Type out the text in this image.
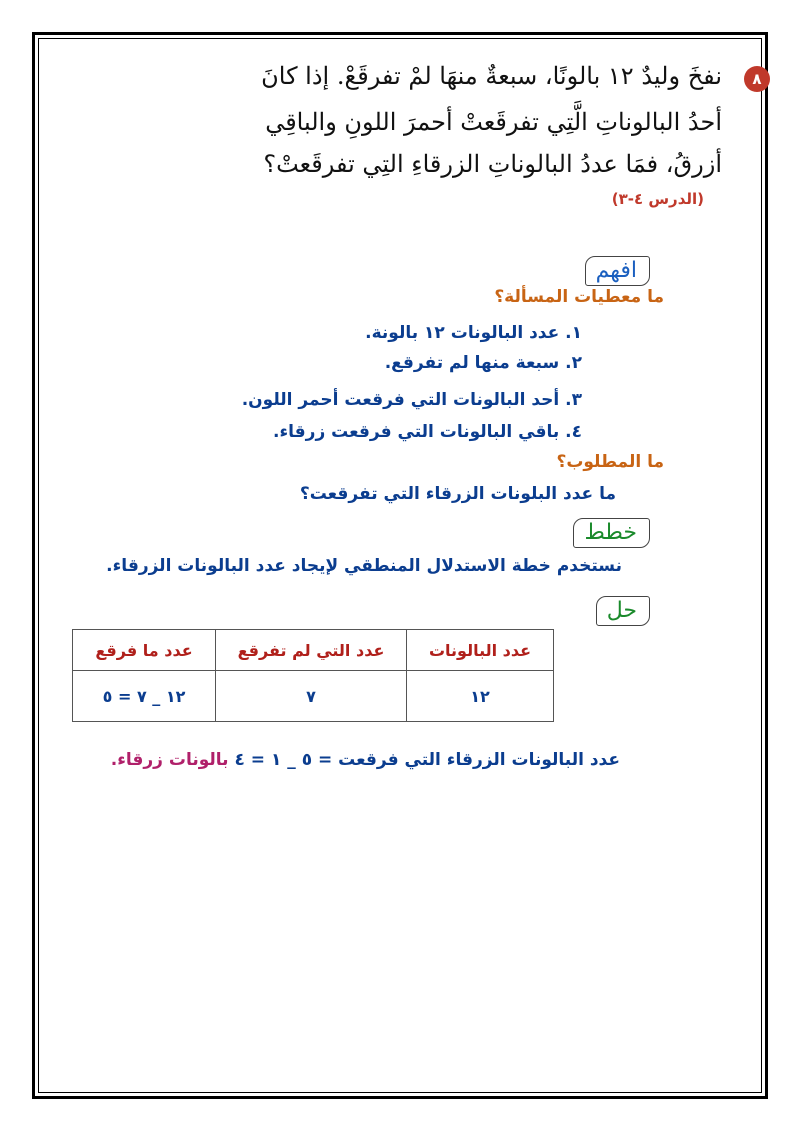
٨
نفخَ وليدٌ ١٢ بالونًا، سبعةٌ منهَا لمْ تفرقَعْ. إذا كانَ
أحدُ البالوناتِ الَّتِي تفرقَعتْ أحمرَ اللونِ والباقِي
أزرقُ، فمَا عددُ البالوناتِ الزرقاءِ التِي تفرقَعتْ؟
(الدرس ٤-٣)
افهم
ما معطيات المسألة؟
١. عدد البالونات ١٢ بالونة.
٢. سبعة منها لم تفرقع.
٣. أحد البالونات التي فرقعت أحمر اللون.
٤. باقي البالونات التي فرقعت زرقاء.
ما المطلوب؟
ما عدد البلونات الزرقاء التي تفرقعت؟
خطط
نستخدم خطة الاستدلال المنطقي لإيجاد عدد البالونات الزرقاء.
حل
عدد ما فرقع	عدد التي لم تفرقع	عدد البالونات
١٢ _ ٧ = ٥	٧	١٢
عدد البالونات الزرقاء التي فرقعت = ٥ _ ١ = ٤ بالونات زرقاء.
